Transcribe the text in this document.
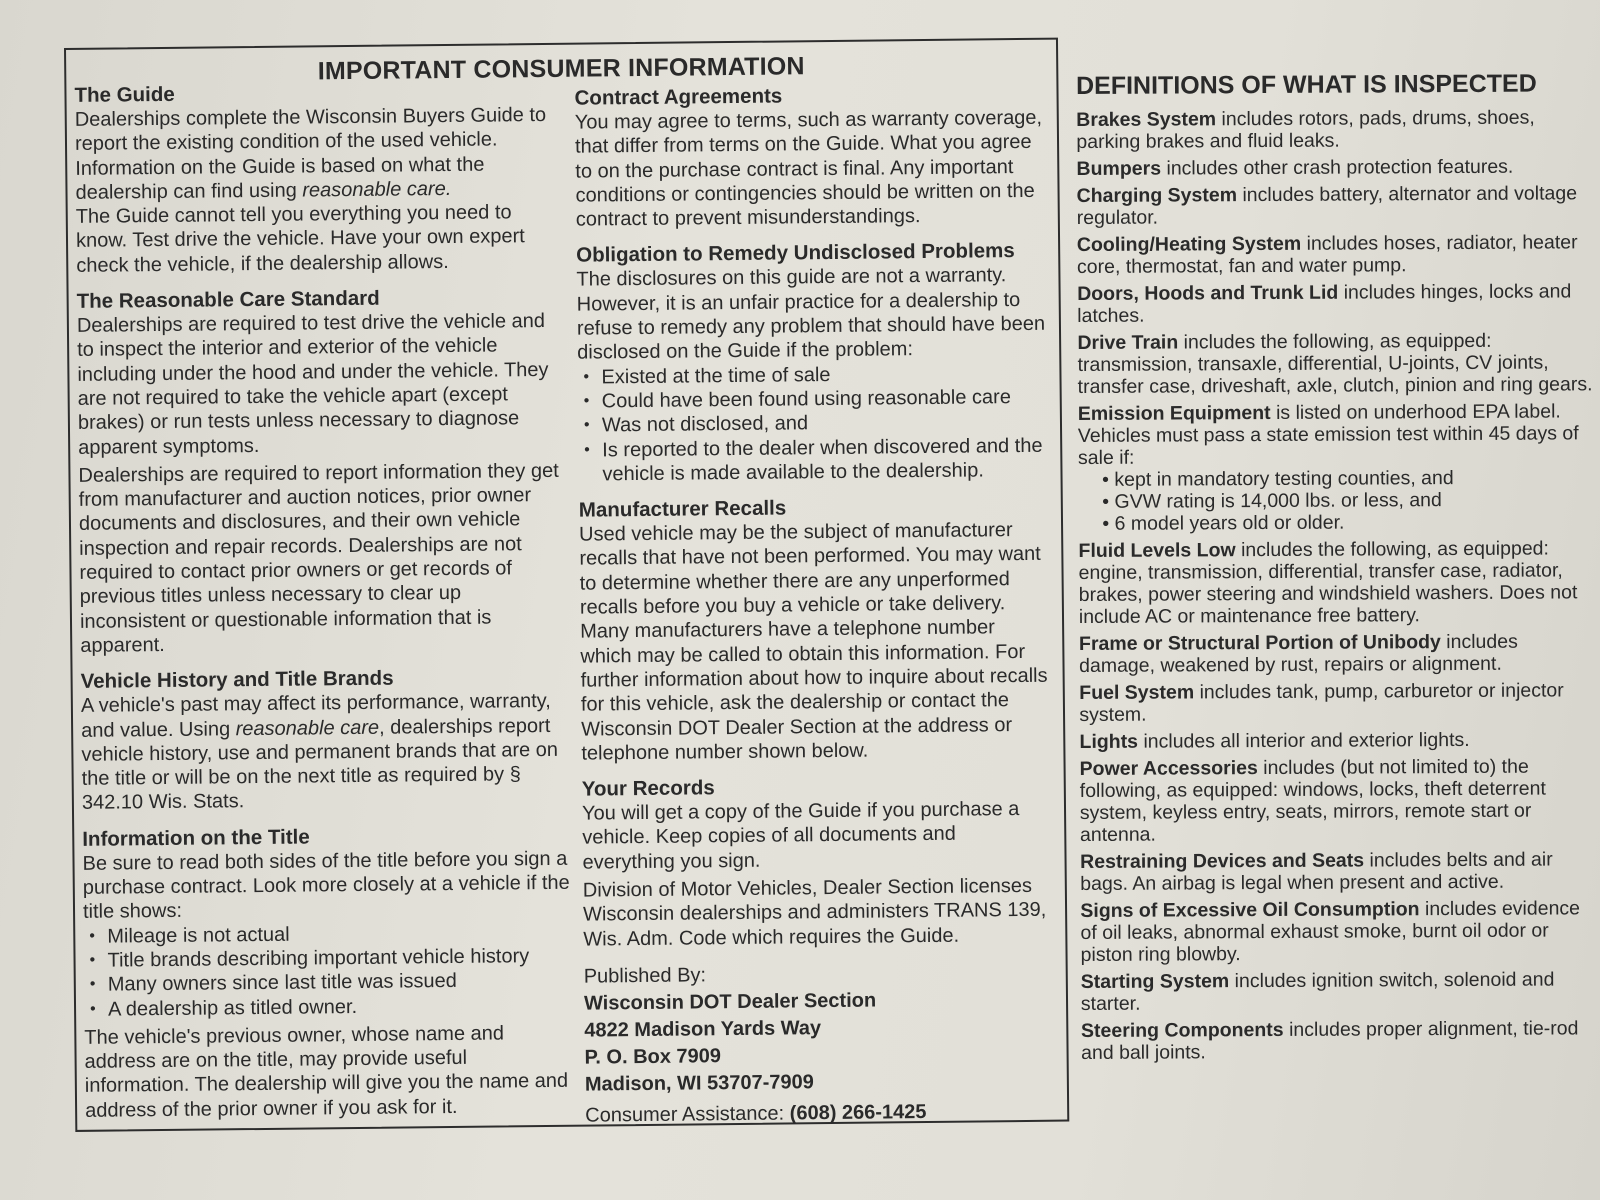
IMPORTANT CONSUMER INFORMATION
The Guide

Dealerships complete the Wisconsin Buyers Guide to report the existing condition of the used vehicle. Information on the Guide is based on what the dealership can find using reasonable care.

The Guide cannot tell you everything you need to know. Test drive the vehicle. Have your own expert check the vehicle, if the dealership allows.

The Reasonable Care Standard

Dealerships are required to test drive the vehicle and to inspect the interior and exterior of the vehicle including under the hood and under the vehicle. They are not required to take the vehicle apart (except brakes) or run tests unless necessary to diagnose apparent symptoms.

Dealerships are required to report information they get from manufacturer and auction notices, prior owner documents and disclosures, and their own vehicle inspection and repair records. Dealerships are not required to contact prior owners or get records of previous titles unless necessary to clear up inconsistent or questionable information that is apparent.

Vehicle History and Title Brands

A vehicle's past may affect its performance, warranty, and value. Using reasonable care, dealerships report vehicle history, use and permanent brands that are on the title or will be on the next title as required by § 342.10 Wis. Stats.

Information on the Title

Be sure to read both sides of the title before you sign a purchase contract. Look more closely at a vehicle if the title shows:

• Mileage is not actual
• Title brands describing important vehicle history
• Many owners since last title was issued
• A dealership as titled owner.

The vehicle's previous owner, whose name and address are on the title, may provide useful information. The dealership will give you the name and address of the prior owner if you ask for it.

Contract Agreements

You may agree to terms, such as warranty coverage, that differ from terms on the Guide. What you agree to on the purchase contract is final. Any important conditions or contingencies should be written on the contract to prevent misunderstandings.

Obligation to Remedy Undisclosed Problems

The disclosures on this guide are not a warranty. However, it is an unfair practice for a dealership to refuse to remedy any problem that should have been disclosed on the Guide if the problem:

• Existed at the time of sale
• Could have been found using reasonable care
• Was not disclosed, and
• Is reported to the dealer when discovered and the vehicle is made available to the dealership.
Manufacturer Recalls

Used vehicle may be the subject of manufacturer recalls that have not been performed. You may want to determine whether there are any unperformed recalls before you buy a vehicle or take delivery. Many manufacturers have a telephone number which may be called to obtain this information. For further information about how to inquire about recalls for this vehicle, ask the dealership or contact the Wisconsin DOT Dealer Section at the address or telephone number shown below.

Your Records

You will get a copy of the Guide if you purchase a vehicle. Keep copies of all documents and everything you sign.

Division of Motor Vehicles, Dealer Section licenses Wisconsin dealerships and administers TRANS 139, Wis. Adm. Code which requires the Guide.

Published By:

Wisconsin DOT Dealer Section

4822 Madison Yards Way

P. O. Box 7909

Madison, WI 53707-7909

Consumer Assistance: (608) 266-1425

DEFINITIONS OF WHAT IS INSPECTED
Brakes System includes rotors, pads, drums, shoes, parking brakes and fluid leaks.
Bumpers includes other crash protection features.
Charging System includes battery, alternator and voltage regulator.
Cooling/Heating System includes hoses, radiator, heater core, thermostat, fan and water pump.
Doors, Hoods and Trunk Lid includes hinges, locks and latches.
Drive Train includes the following, as equipped: transmission, transaxle, differential, U-joints, CV joints, transfer case, driveshaft, axle, clutch, pinion and ring gears.
Emission Equipment is listed on underhood EPA label. Vehicles must pass a state emission test within 45 days of sale if:
• kept in mandatory testing counties, and
• GVW rating is 14,000 lbs. or less, and
• 6 model years old or older.
Fluid Levels Low includes the following, as equipped: engine, transmission, differential, transfer case, radiator, brakes, power steering and windshield washers. Does not include AC or maintenance free battery.
Frame or Structural Portion of Unibody includes damage, weakened by rust, repairs or alignment.
Fuel System includes tank, pump, carburetor or injector system.
Lights includes all interior and exterior lights.
Power Accessories includes (but not limited to) the following, as equipped: windows, locks, theft deterrent system, keyless entry, seats, mirrors, remote start or antenna.
Restraining Devices and Seats includes belts and air bags. An airbag is legal when present and active.
Signs of Excessive Oil Consumption includes evidence of oil leaks, abnormal exhaust smoke, burnt oil odor or piston ring blowby.
Starting System includes ignition switch, solenoid and starter.
Steering Components includes proper alignment, tie-rod and ball joints.
